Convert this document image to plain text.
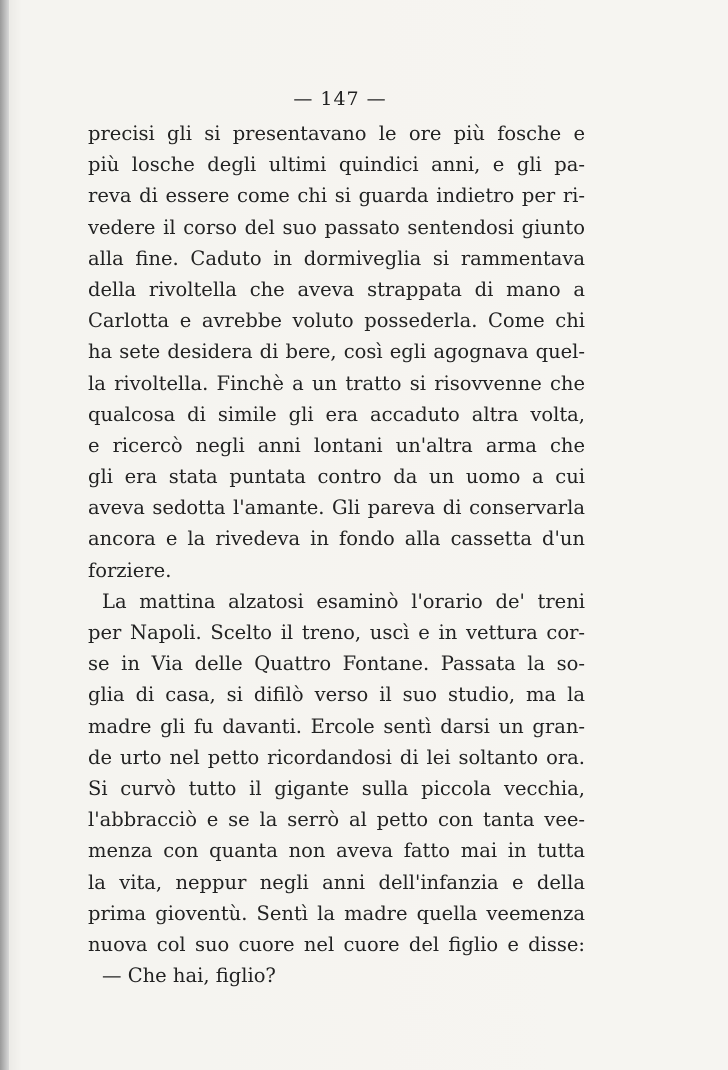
— 147 —
precisi gli si presentavano le ore più fosche e
più losche degli ultimi quindici anni, e gli pa-
reva di essere come chi si guarda indietro per ri-
vedere il corso del suo passato sentendosi giunto
alla fine. Caduto in dormiveglia si rammentava
della rivoltella che aveva strappata di mano a
Carlotta e avrebbe voluto possederla. Come chi
ha sete desidera di bere, così egli agognava quel-
la rivoltella. Finchè a un tratto si risovvenne che
qualcosa di simile gli era accaduto altra volta,
e ricercò negli anni lontani un'altra arma che
gli era stata puntata contro da un uomo a cui
aveva sedotta l'amante. Gli pareva di conservarla
ancora e la rivedeva in fondo alla cassetta d'un
forziere.
La mattina alzatosi esaminò l'orario de' treni
per Napoli. Scelto il treno, uscì e in vettura cor-
se in Via delle Quattro Fontane. Passata la so-
glia di casa, si difilò verso il suo studio, ma la
madre gli fu davanti. Ercole sentì darsi un gran-
de urto nel petto ricordandosi di lei soltanto ora.
Si curvò tutto il gigante sulla piccola vecchia,
l'abbracciò e se la serrò al petto con tanta vee-
menza con quanta non aveva fatto mai in tutta
la vita, neppur negli anni dell'infanzia e della
prima gioventù. Sentì la madre quella veemenza
nuova col suo cuore nel cuore del figlio e disse:
— Che hai, figlio?
